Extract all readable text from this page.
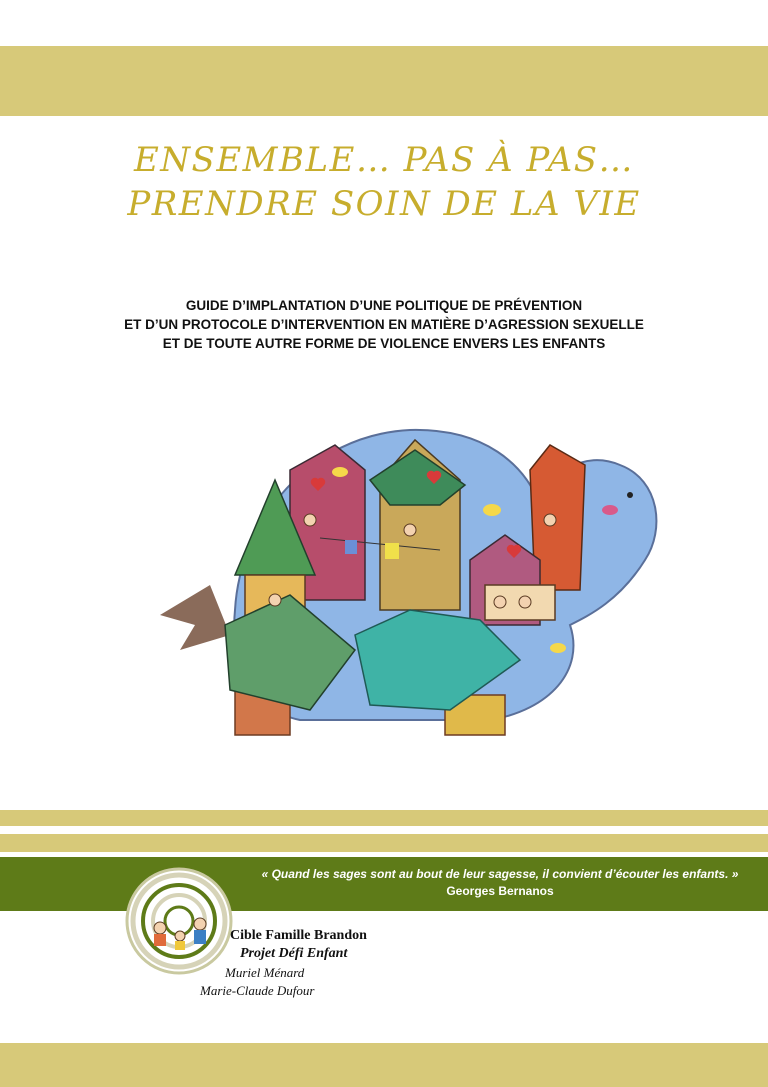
ENSEMBLE… PAS À PAS…
PRENDRE SOIN DE LA VIE
GUIDE D’IMPLANTATION D’UNE POLITIQUE DE PRÉVENTION
ET D’UN PROTOCOLE D’INTERVENTION EN MATIÈRE D’AGRESSION SEXUELLE
ET DE TOUTE AUTRE FORME DE VIOLENCE ENVERS LES ENFANTS
« Quand les sages sont au bout de leur sagesse, il convient d’écouter les enfants. »
Georges Bernanos
Cible Famille Brandon
Projet Défi Enfant
Muriel Ménard
Marie-Claude Dufour
